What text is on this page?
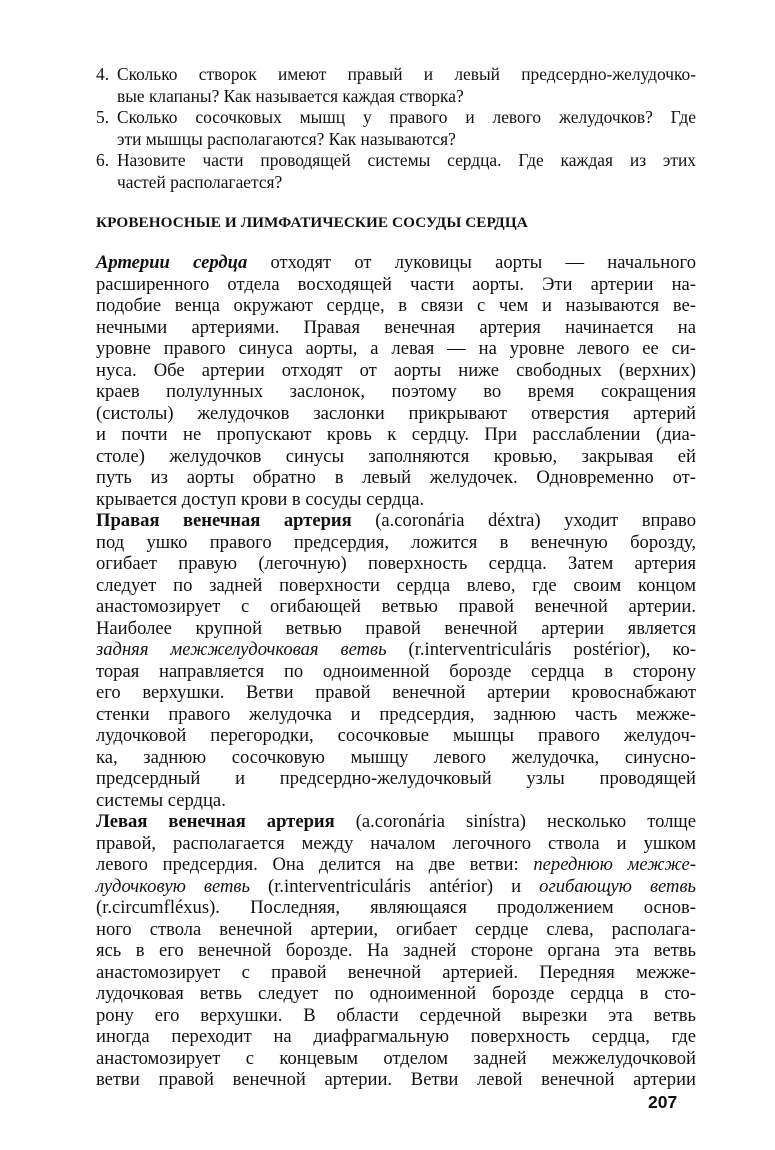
4. Сколько створок имеют правый и левый предсердно-желудочко-
вые клапаны? Как называется каждая створка?
5. Сколько сосочковых мышц у правого и левого желудочков? Где
эти мышцы располагаются? Как называются?
6. Назовите части проводящей системы сердца. Где каждая из этих
частей располагается?
КРОВЕНОСНЫЕ И ЛИМФАТИЧЕСКИЕ СОСУДЫ СЕРДЦА

Артерии сердца отходят от луковицы аорты — начального
расширенного отдела восходящей части аорты. Эти артерии на-
подобие венца окружают сердце, в связи с чем и называются ве-
нечными артериями. Правая венечная артерия начинается на
уровне правого синуса аорты, а левая — на уровне левого ее си-
нуса. Обе артерии отходят от аорты ниже свободных (верхних)
краев полулунных заслонок, поэтому во время сокращения
(систолы) желудочков заслонки прикрывают отверстия артерий
и почти не пропускают кровь к сердцу. При расслаблении (диа-
столе) желудочков синусы заполняются кровью, закрывая ей
путь из аорты обратно в левый желудочек. Одновременно от-
крывается доступ крови в сосуды сердца.

Правая венечная артерия (a.coronária déxtra) уходит вправо
под ушко правого предсердия, ложится в венечную борозду,
огибает правую (легочную) поверхность сердца. Затем артерия
следует по задней поверхности сердца влево, где своим концом
анастомозирует с огибающей ветвью правой венечной артерии.
Наиболее крупной ветвью правой венечной артерии является
задняя межжелудочковая ветвь (r.interventriculáris postérior), ко-
торая направляется по одноименной борозде сердца в сторону
его верхушки. Ветви правой венечной артерии кровоснабжают
стенки правого желудочка и предсердия, заднюю часть межже-
лудочковой перегородки, сосочковые мышцы правого желудоч-
ка, заднюю сосочковую мышцу левого желудочка, синусно-
предсердный и предсердно-желудочковый узлы проводящей
системы сердца.

Левая венечная артерия (a.coronária sinístra) несколько толще
правой, располагается между началом легочного ствола и ушком
левого предсердия. Она делится на две ветви: переднюю межже-
лудочковую ветвь (r.interventriculáris antérior) и огибающую ветвь
(r.circumfléxus). Последняя, являющаяся продолжением основ-
ного ствола венечной артерии, огибает сердце слева, располага-
ясь в его венечной борозде. На задней стороне органа эта ветвь
анастомозирует с правой венечной артерией. Передняя межже-
лудочковая ветвь следует по одноименной борозде сердца в сто-
рону его верхушки. В области сердечной вырезки эта ветвь
иногда переходит на диафрагмальную поверхность сердца, где
анастомозирует с концевым отделом задней межжелудочковой
ветви правой венечной артерии. Ветви левой венечной артерии

207
